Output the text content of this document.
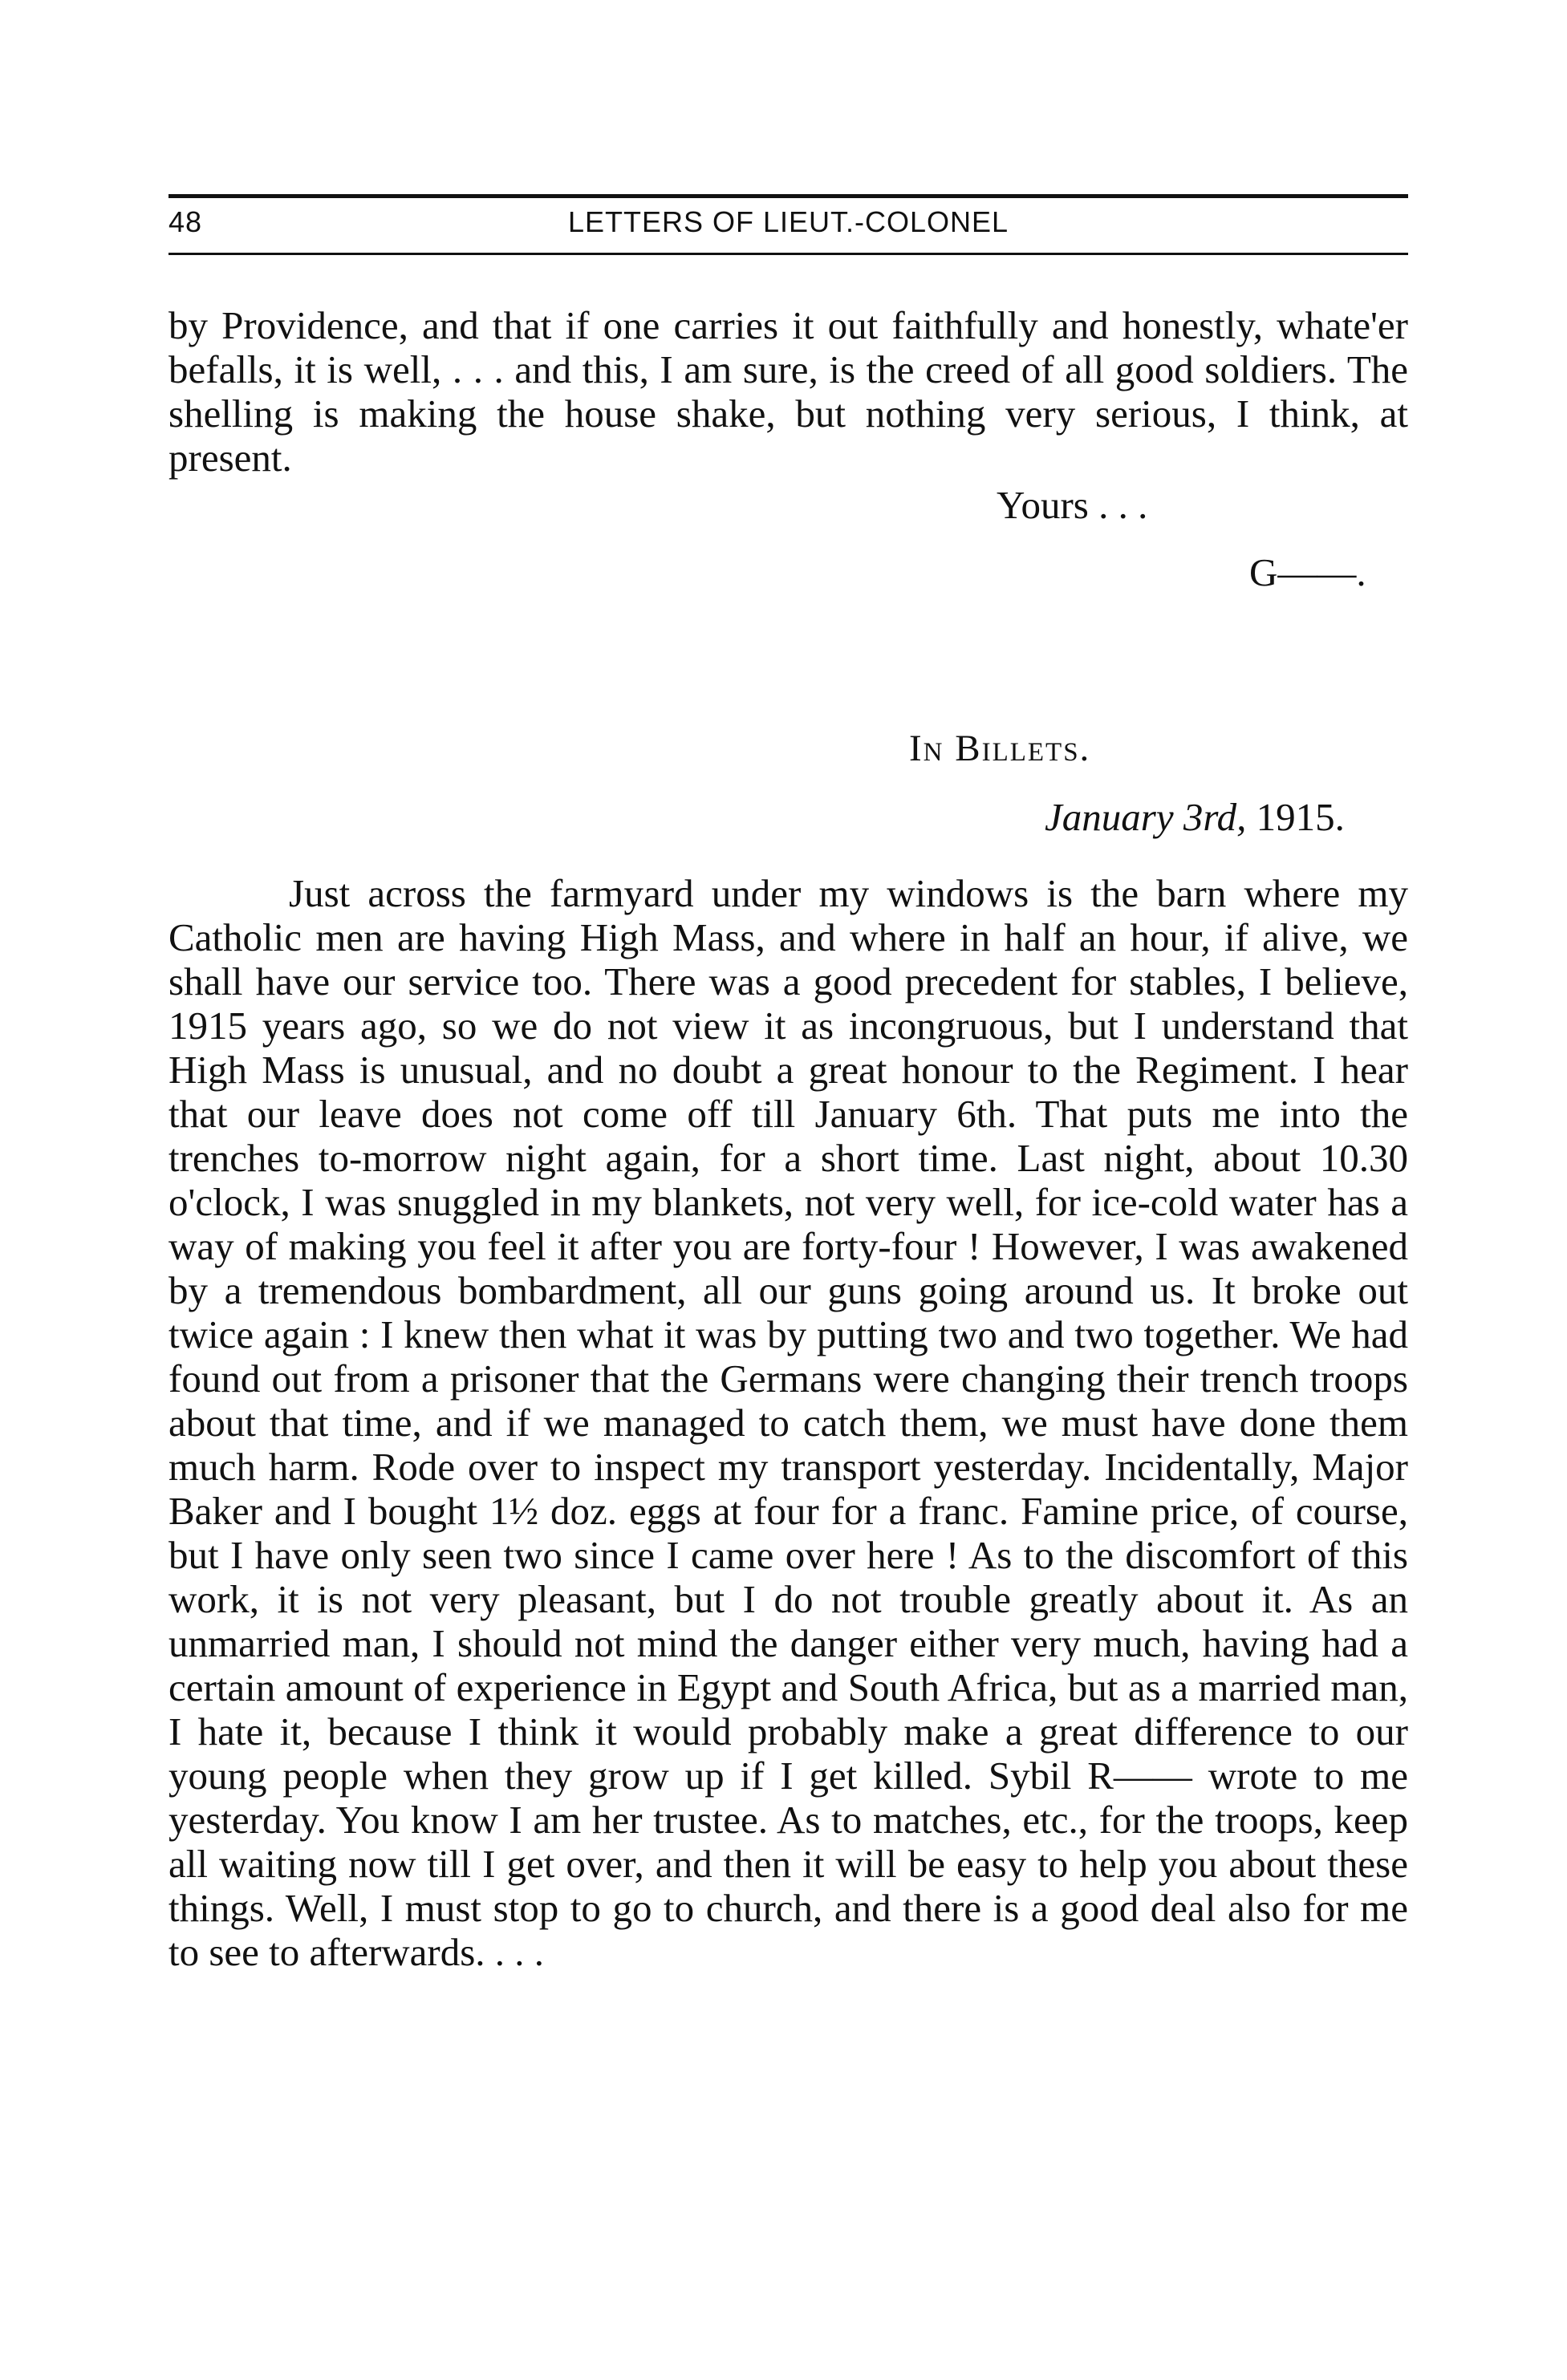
48	LETTERS OF LIEUT.-COLONEL

by Providence, and that if one carries it out faithfully and honestly, whate'er befalls, it is well, . . . and this, I am sure, is the creed of all good soldiers. The shelling is making the house shake, but nothing very serious, I think, at present.

Yours . . .
G——.
In Billets.
January 3rd, 1915.

Just across the farmyard under my windows is the barn where my Catholic men are having High Mass, and where in half an hour, if alive, we shall have our service too. There was a good precedent for stables, I believe, 1915 years ago, so we do not view it as incongruous, but I understand that High Mass is unusual, and no doubt a great honour to the Regiment. I hear that our leave does not come off till January 6th. That puts me into the trenches to-morrow night again, for a short time. Last night, about 10.30 o'clock, I was snuggled in my blankets, not very well, for ice-cold water has a way of making you feel it after you are forty-four ! However, I was awakened by a tremendous bombardment, all our guns going around us. It broke out twice again : I knew then what it was by putting two and two together. We had found out from a prisoner that the Germans were changing their trench troops about that time, and if we managed to catch them, we must have done them much harm. Rode over to inspect my transport yesterday. Incidentally, Major Baker and I bought 1½ doz. eggs at four for a franc. Famine price, of course, but I have only seen two since I came over here ! As to the discomfort of this work, it is not very pleasant, but I do not trouble greatly about it. As an unmarried man, I should not mind the danger either very much, having had a certain amount of experience in Egypt and South Africa, but as a married man, I hate it, because I think it would probably make a great difference to our young people when they grow up if I get killed. Sybil R—— wrote to me yesterday. You know I am her trustee. As to matches, etc., for the troops, keep all waiting now till I get over, and then it will be easy to help you about these things. Well, I must stop to go to church, and there is a good deal also for me to see to afterwards. . . .
